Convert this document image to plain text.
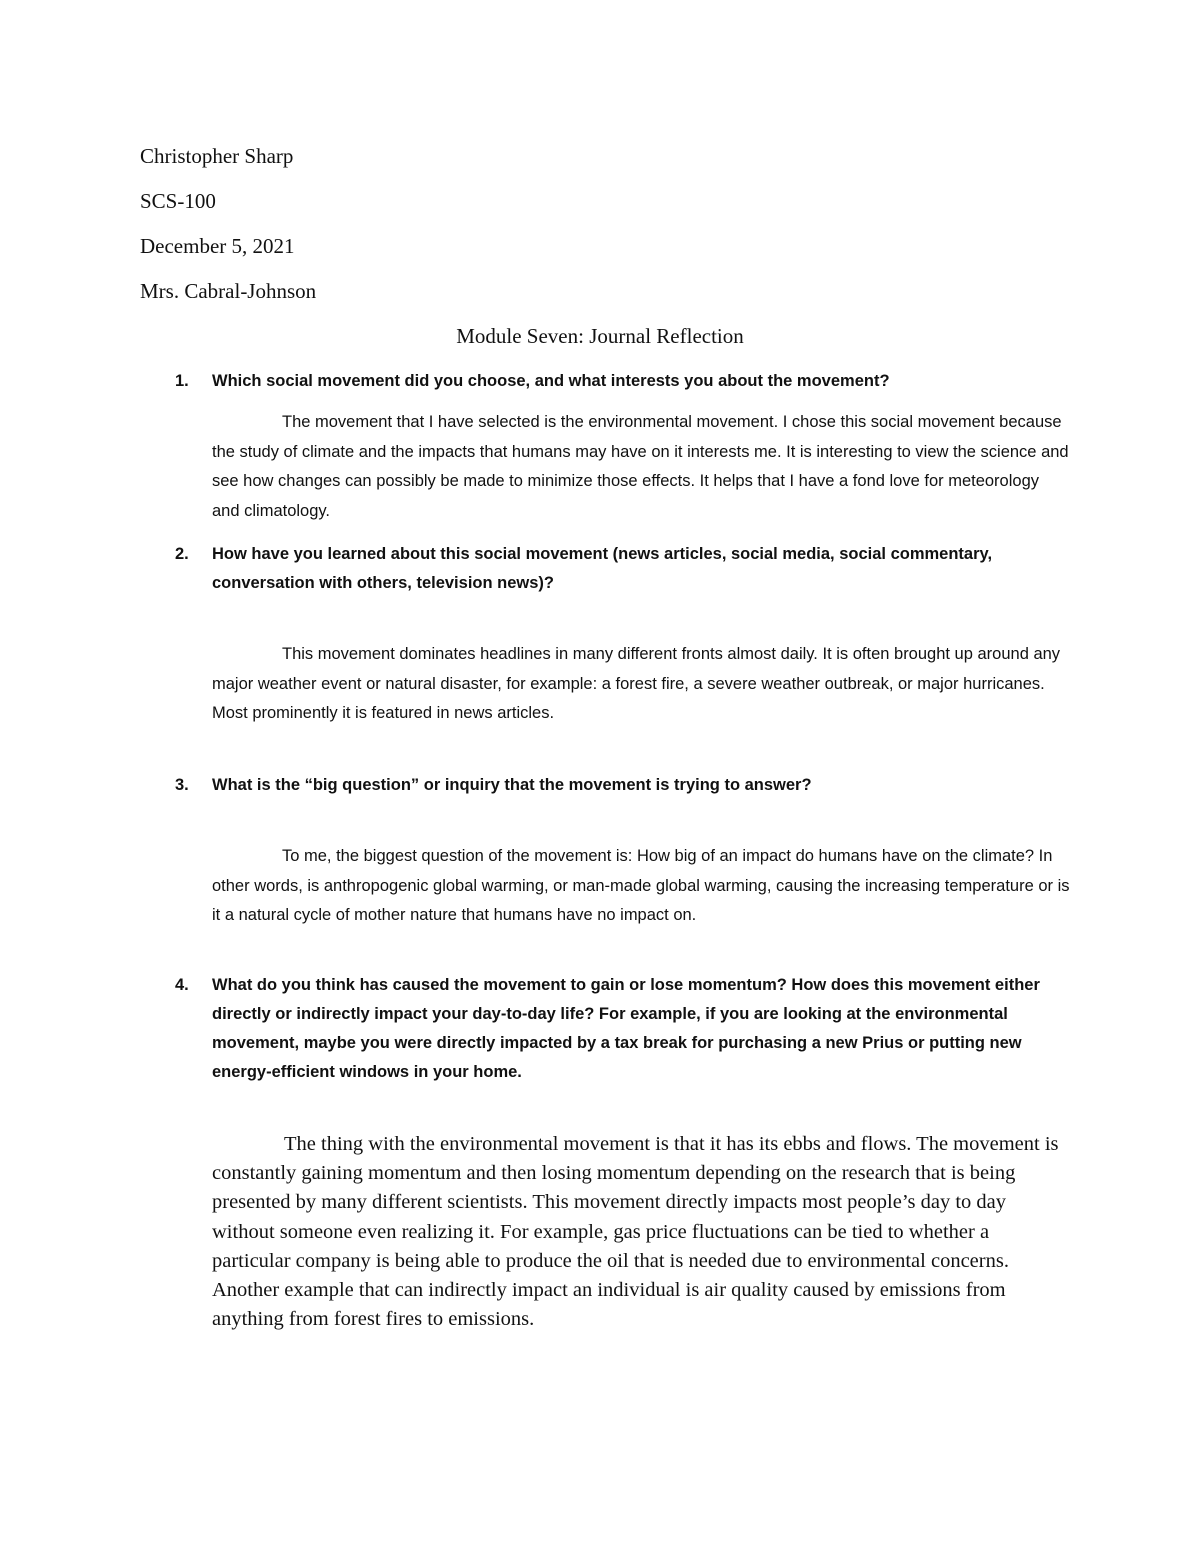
Christopher Sharp
SCS-100
December 5, 2021
Mrs. Cabral-Johnson
Module Seven: Journal Reflection
1.	Which social movement did you choose, and what interests you about the movement?

The movement that I have selected is the environmental movement. I chose this social movement because the study of climate and the impacts that humans may have on it interests me. It is interesting to view the science and see how changes can possibly be made to minimize those effects. It helps that I have a fond love for meteorology and climatology.

2.	How have you learned about this social movement (news articles, social media, social commentary, conversation with others, television news)?

This movement dominates headlines in many different fronts almost daily. It is often brought up around any major weather event or natural disaster, for example: a forest fire, a severe weather outbreak, or major hurricanes. Most prominently it is featured in news articles.

3.	What is the “big question” or inquiry that the movement is trying to answer?

To me, the biggest question of the movement is: How big of an impact do humans have on the climate? In other words, is anthropogenic global warming, or man-made global warming, causing the increasing temperature or is it a natural cycle of mother nature that humans have no impact on.

4.	What do you think has caused the movement to gain or lose momentum? How does this movement either directly or indirectly impact your day-to-day life? For example, if you are looking at the environmental movement, maybe you were directly impacted by a tax break for purchasing a new Prius or putting new energy-efficient windows in your home.

The thing with the environmental movement is that it has its ebbs and flows. The movement is constantly gaining momentum and then losing momentum depending on the research that is being presented by many different scientists. This movement directly impacts most people’s day to day without someone even realizing it. For example, gas price fluctuations can be tied to whether a particular company is being able to produce the oil that is needed due to environmental concerns. Another example that can indirectly impact an individual is air quality caused by emissions from anything from forest fires to emissions.
